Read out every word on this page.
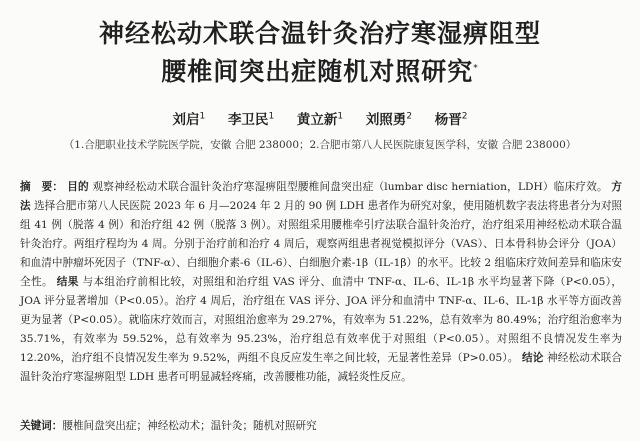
神经松动术联合温针灸治疗寒湿痹阻型
腰椎间突出症随机对照研究*
刘启$^1$ 李卫民$^1$ 黄立新$^1$ 刘照勇$^2$ 杨晋$^2$
（1.合肥职业技术学院医学院，安徽 合肥 238000；2.合肥市第八人民医院康复医学科，安徽 合肥 238000）
摘　要： 目的 观察神经松动术联合温针灸治疗寒湿痹阻型腰椎间盘突出症（lumbar disc herniation，LDH）临床疗效。 方法 选择合肥市第八人民医院 2023 年 6 月—2024 年 2 月的 90 例 LDH 患者作为研究对象，使用随机数字表法将患者分为对照组 41 例（脱落 4 例）和治疗组 42 例（脱落 3 例）。对照组采用腰椎牵引疗法联合温针灸治疗，治疗组采用神经松动术联合温针灸治疗。两组疗程均为 4 周。分别于治疗前和治疗 4 周后，观察两组患者视觉模拟评分（VAS）、日本骨科协会评分（JOA）和血清中肿瘤坏死因子（TNF-α）、白细胞介素-6（IL-6）、白细胞介素-1β（IL-1β）的水平。比较 2 组临床疗效间差异和临床安全性。 结果 与本组治疗前相比较，对照组和治疗组 VAS 评分、血清中 TNF-α、IL-6、IL-1β 水平均显著下降（P<0.05），JOA 评分显著增加（P<0.05）。治疗 4 周后，治疗组在 VAS 评分、JOA 评分和血清中 TNF-α、IL-6、IL-1β 水平等方面改善更为显著（P<0.05）。就临床疗效而言，对照组治愈率为 29.27%，有效率为 51.22%，总有效率为 80.49%；治疗组治愈率为 35.71%，有效率为 59.52%，总有效率为 95.23%，治疗组总有效率优于对照组（P<0.05）。对照组不良情况发生率为 12.20%，治疗组不良情况发生率为 9.52%，两组不良反应发生率之间比较，无显著性差异（P>0.05）。 结论 神经松动术联合温针灸治疗寒湿痹阻型 LDH 患者可明显减轻疼痛，改善腰椎功能，减轻炎性反应。
关键词：腰椎间盘突出症；神经松动术；温针灸；随机对照研究
